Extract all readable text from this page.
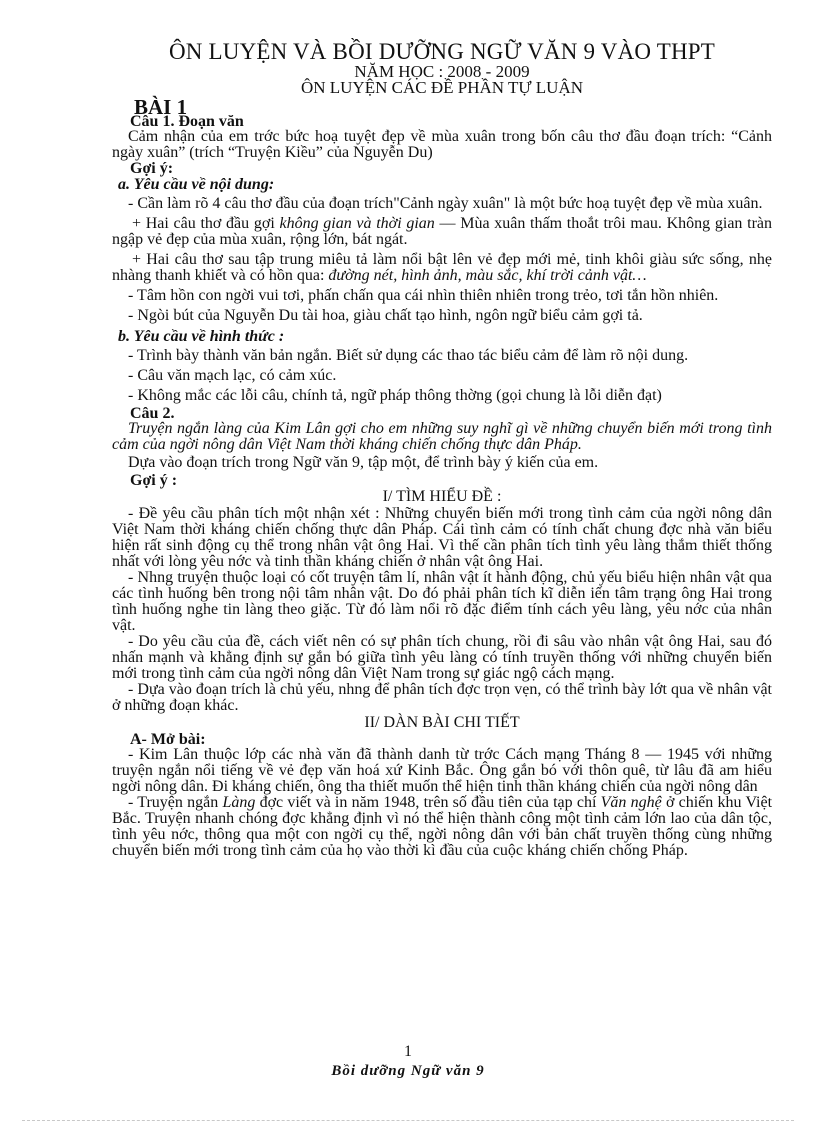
ÔN LUYỆN VÀ BỒI DƯỠNG NGỮ VĂN 9 VÀO THPT
NĂM HỌC : 2008 - 2009
ÔN LUYỆN CÁC ĐỀ PHẦN TỰ LUẬN
BÀI 1
Câu 1. Đoạn văn
Cảm nhận của em trớc bức hoạ tuyệt đẹp về mùa xuân trong bốn câu thơ đầu đoạn trích: “Cảnh ngày xuân” (trích “Truyện Kiều” của Nguyễn Du)
Gợi ý:
a. Yêu cầu về nội dung:
- Cần làm rõ 4 câu thơ đầu của đoạn trích"Cảnh ngày xuân" là một bức hoạ tuyệt đẹp về mùa xuân.
+ Hai câu thơ đầu gợi không gian và thời gian — Mùa xuân thấm thoắt trôi mau. Không gian tràn ngập vẻ đẹp của mùa xuân, rộng lớn, bát ngát.
+ Hai câu thơ sau tập trung miêu tả làm nổi bật lên vẻ đẹp mới mẻ, tinh khôi giàu sức sống, nhẹ nhàng thanh khiết và có hồn qua: đường nét, hình ảnh, màu sắc, khí trời cảnh vật…
- Tâm hồn con ngời vui tơi, phấn chấn qua cái nhìn thiên nhiên trong trẻo, tơi tắn hồn nhiên.
- Ngòi bút của Nguyễn Du tài hoa, giàu chất tạo hình, ngôn ngữ biểu cảm gợi tả.
b. Yêu cầu về hình thức :
- Trình bày thành văn bản ngắn. Biết sử dụng các thao tác biểu cảm để làm rõ nội dung.
- Câu văn mạch lạc, có cảm xúc.
- Không mắc các lỗi câu, chính tả, ngữ pháp thông thờng (gọi chung là lỗi diễn đạt)
Câu 2.
Truyện ngắn làng của Kim Lân gợi cho em những suy nghĩ gì về những chuyển biến mới trong tình cảm của ngời nông dân Việt Nam thời kháng chiến chống thực dân Pháp.
Dựa vào đoạn trích trong Ngữ văn 9, tập một, để trình bày ý kiến của em.
Gợi ý :
I/ TÌM HIỂU ĐỀ :
- Đề yêu cầu phân tích một nhận xét : Những chuyển biến mới trong tình cảm của ngời nông dân Việt Nam thời kháng chiến chống thực dân Pháp. Cái tình cảm có tính chất chung đợc nhà văn biểu hiện rất sinh động cụ thể trong nhân vật ông Hai. Vì thế cần phân tích tình yêu làng thắm thiết thống nhất với lòng yêu nớc và tinh thần kháng chiến ở nhân vật ông Hai.
- Nhng truyện thuộc loại có cốt truyện tâm lí, nhân vật ít hành động, chủ yếu biểu hiện nhân vật qua các tình huống bên trong nội tâm nhân vật. Do đó phải phân tích kĩ diễn iến tâm trạng ông Hai trong tình huống nghe tin làng theo giặc. Từ đó làm nổi rõ đặc điểm tính cách yêu làng, yêu nớc của nhân vật.
- Do yêu cầu của đề, cách viết nên có sự phân tích chung, rồi đi sâu vào nhân vật ông Hai, sau đó nhấn mạnh và khẳng định sự gắn bó giữa tình yêu làng có tính truyền thống với những chuyển biến mới trong tình cảm của ngời nông dân Việt Nam trong sự giác ngộ cách mạng.
- Dựa vào đoạn trích là chủ yếu, nhng để phân tích đợc trọn vẹn, có thể trình bày lớt qua về nhân vật ở những đoạn khác.
II/ DÀN BÀI CHI TIẾT
A- Mở bài:
- Kim Lân thuộc lớp các nhà văn đã thành danh từ trớc Cách mạng Tháng 8 — 1945 với những truyện ngắn nổi tiếng về vẻ đẹp văn hoá xứ Kinh Bắc. Ông gắn bó với thôn quê, từ lâu đã am hiểu ngời nông dân. Đi kháng chiến, ông tha thiết muốn thể hiện tinh thần kháng chiến của ngời nông dân
- Truyện ngắn Làng đợc viết và in năm 1948, trên số đầu tiên của tạp chí Văn nghệ ở chiến khu Việt Bắc. Truyện nhanh chóng đợc khẳng định vì nó thể hiện thành công một tình cảm lớn lao của dân tộc, tình yêu nớc, thông qua một con ngời cụ thể, ngời nông dân với bản chất truyền thống cùng những chuyển biến mới trong tình cảm của họ vào thời kì đầu của cuộc kháng chiến chống Pháp.
1
Bồi dưỡng Ngữ văn 9
